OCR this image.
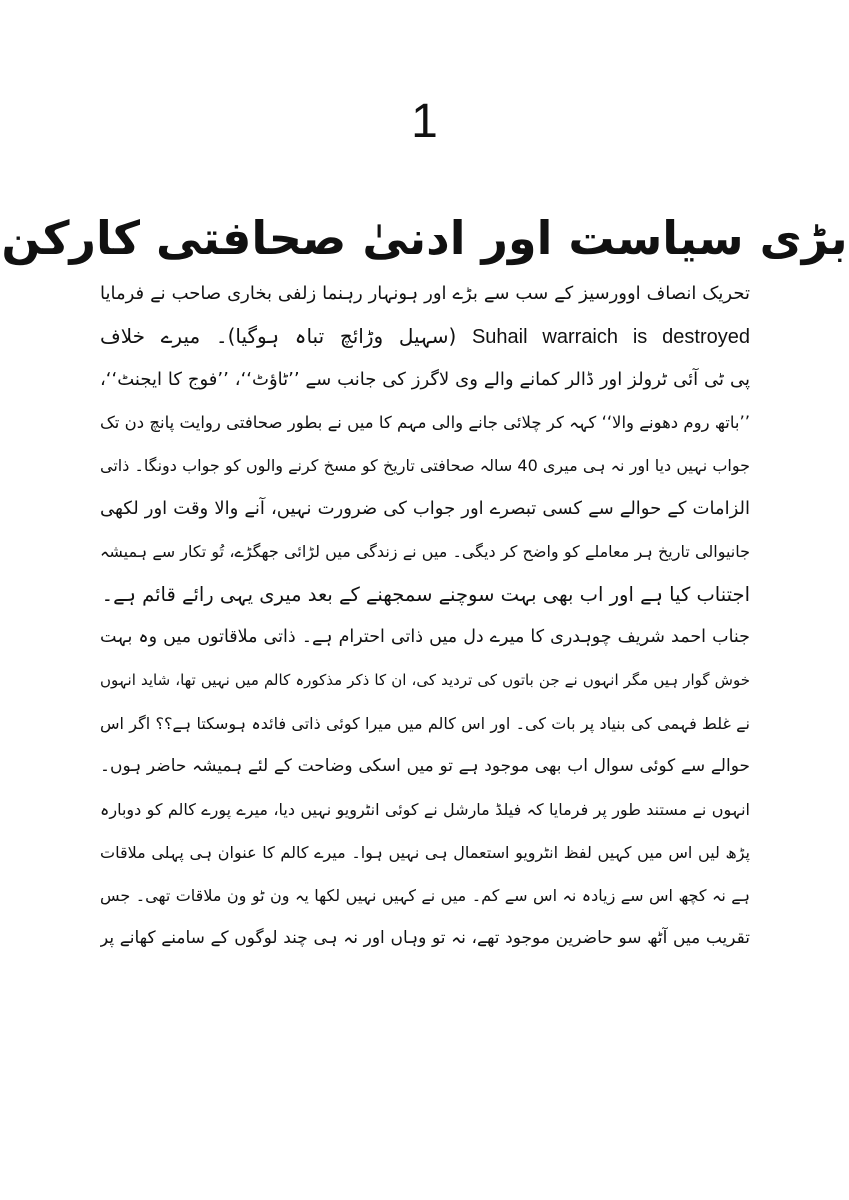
1
بڑی سیاست اور ادنیٰ صحافتی کارکن
تحریک انصاف اوورسیز کے سب سے بڑے اور ہونہار رہنما زلفی بخاری صاحب نے فرمایا
Suhail warraich is destroyed (سہیل وڑائچ تباہ ہوگیا)۔ میرے خلاف
پی ٹی آئی ٹرولز اور ڈالر کمانے والے وی لاگرز کی جانب سے ’’ٹاؤٹ‘‘، ’’فوج کا ایجنٹ‘‘،
’’باتھ روم دھونے والا‘‘ کہہ کر چلائی جانے والی مہم کا میں نے بطور صحافتی روایت پانچ دن تک
جواب نہیں دیا اور نہ ہی میری 40 سالہ صحافتی تاریخ کو مسخ کرنے والوں کو جواب دونگا۔ ذاتی
الزامات کے حوالے سے کسی تبصرے اور جواب کی ضرورت نہیں، آنے والا وقت اور لکھی
جانیوالی تاریخ ہر معاملے کو واضح کر دیگی۔ میں نے زندگی میں لڑائی جھگڑے، تُو تکار سے ہمیشہ
اجتناب کیا ہے اور اب بھی بہت سوچنے سمجھنے کے بعد میری یہی رائے قائم ہے۔
جناب احمد شریف چوہدری کا میرے دل میں ذاتی احترام ہے۔ ذاتی ملاقاتوں میں وہ بہت
خوش گوار ہیں مگر انہوں نے جن باتوں کی تردید کی، ان کا ذکر مذکورہ کالم میں نہیں تھا، شاید انہوں
نے غلط فہمی کی بنیاد پر بات کی۔ اور اس کالم میں میرا کوئی ذاتی فائدہ ہوسکتا ہے؟؟ اگر اس
حوالے سے کوئی سوال اب بھی موجود ہے تو میں اسکی وضاحت کے لئے ہمیشہ حاضر ہوں۔
انہوں نے مستند طور پر فرمایا کہ فیلڈ مارشل نے کوئی انٹرویو نہیں دیا، میرے پورے کالم کو دوبارہ
پڑھ لیں اس میں کہیں لفظ انٹرویو استعمال ہی نہیں ہوا۔ میرے کالم کا عنوان ہی پہلی ملاقات
ہے نہ کچھ اس سے زیادہ نہ اس سے کم۔ میں نے کہیں نہیں لکھا یہ ون ٹو ون ملاقات تھی۔ جس
تقریب میں آٹھ سو حاضرین موجود تھے، نہ تو وہاں اور نہ ہی چند لوگوں کے سامنے کھانے پر
